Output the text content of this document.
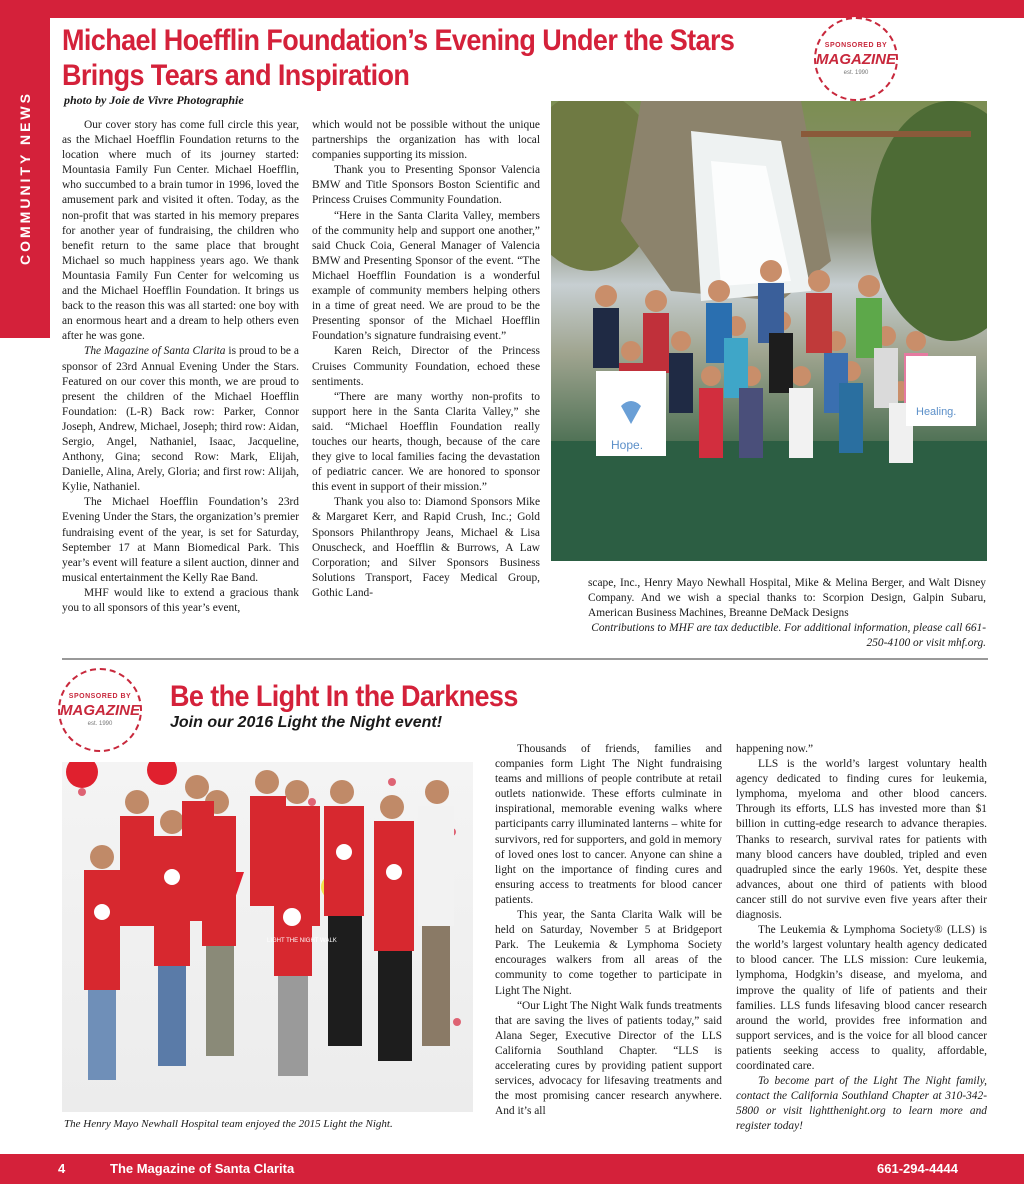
COMMUNITY NEWS
Michael Hoefflin Foundation’s Evening Under the Stars
Brings Tears and Inspiration
photo by Joie de Vivre Photographie
SPONSORED BY
MAGAZINE
est. 1990

Our cover story has come full circle this year, as the Michael Hoefflin Foundation returns to the location where much of its journey started: Mountasia Family Fun Center. Michael Hoefflin, who succumbed to a brain tumor in 1996, loved the amusement park and visited it often. Today, as the non-profit that was started in his memory prepares for another year of fundraising, the children who benefit return to the same place that brought Michael so much happiness years ago. We thank Mountasia Family Fun Center for welcoming us and the Michael Hoefflin Foundation. It brings us back to the reason this was all started: one boy with an enormous heart and a dream to help others even after he was gone.

The Magazine of Santa Clarita is proud to be a sponsor of 23rd Annual Evening Under the Stars. Featured on our cover this month, we are proud to present the children of the Michael Hoefflin Foundation: (L-R) Back row: Parker, Connor Joseph, Andrew, Michael, Joseph; third row: Aidan, Sergio, Angel, Nathaniel, Isaac, Jacqueline, Anthony, Gina; second Row: Mark, Elijah, Danielle, Alina, Arely, Gloria; and first row: Alijah, Kylie, Nathaniel.

The Michael Hoefflin Foundation’s 23rd Evening Under the Stars, the organization’s premier fundraising event of the year, is set for Saturday, September 17 at Mann Biomedical Park. This year’s event will feature a silent auction, dinner and musical entertainment the Kelly Rae Band.

MHF would like to extend a gracious thank you to all sponsors of this year’s event,

which would not be possible without the unique partnerships the organization has with local companies supporting its mission.

Thank you to Presenting Sponsor Valencia BMW and Title Sponsors Boston Scientific and Princess Cruises Community Foundation.

“Here in the Santa Clarita Valley, members of the community help and support one another,” said Chuck Coia, General Manager of Valencia BMW and Presenting Sponsor of the event. “The Michael Hoefflin Foundation is a wonderful example of community members helping others in a time of great need. We are proud to be the Presenting sponsor of the Michael Hoefflin Foundation’s signature fundraising event.”

Karen Reich, Director of the Princess Cruises Community Foundation, echoed these sentiments.

“There are many worthy non-profits to support here in the Santa Clarita Valley,” she said. “Michael Hoefflin Foundation really touches our hearts, though, because of the care they give to local families facing the devastation of pediatric cancer. We are honored to sponsor this event in support of their mission.”

Thank you also to: Diamond Sponsors Mike & Margaret Kerr, and Rapid Crush, Inc.; Gold Sponsors Philanthropy Jeans, Michael & Lisa Onuscheck, and Hoefflin & Burrows, A Law Corporation; and Silver Sponsors Business Solutions Transport, Facey Medical Group, Gothic Land-

Hope.
Healing.

scape, Inc., Henry Mayo Newhall Hospital, Mike & Melina Berger, and Walt Disney Company. And we wish a special thanks to: Scorpion Design, Galpin Subaru, American Business Machines, Breanne DeMack Designs

Contributions to MHF are tax deductible. For additional information, please call 661-250-4100 or visit mhf.org.

SPONSORED BY
MAGAZINE
est. 1990
Be the Light In the Darkness
Join our 2016 Light the Night event!
LIGHT THE NIGHT WALK
The Henry Mayo Newhall Hospital team enjoyed the 2015 Light the Night.

Thousands of friends, families and companies form Light The Night fundraising teams and millions of people contribute at retail outlets nationwide. These efforts culminate in inspirational, memorable evening walks where participants carry illuminated lanterns – white for survivors, red for supporters, and gold in memory of loved ones lost to cancer. Anyone can shine a light on the importance of finding cures and ensuring access to treatments for blood cancer patients.

This year, the Santa Clarita Walk will be held on Saturday, November 5 at Bridgeport Park. The Leukemia & Lymphoma Society encourages walkers from all areas of the community to come together to participate in Light The Night.

“Our Light The Night Walk funds treatments that are saving the lives of patients today,” said Alana Seger, Executive Director of the LLS California Southland Chapter. “LLS is accelerating cures by providing patient support services, advocacy for lifesaving treatments and the most promising cancer research anywhere. And it’s all

happening now.”

LLS is the world’s largest voluntary health agency dedicated to finding cures for leukemia, lymphoma, myeloma and other blood cancers. Through its efforts, LLS has invested more than $1 billion in cutting-edge research to advance therapies. Thanks to research, survival rates for patients with many blood cancers have doubled, tripled and even quadrupled since the early 1960s. Yet, despite these advances, about one third of patients with blood cancer still do not survive even five years after their diagnosis.

The Leukemia & Lymphoma Society® (LLS) is the world’s largest voluntary health agency dedicated to blood cancer. The LLS mission: Cure leukemia, lymphoma, Hodgkin’s disease, and myeloma, and improve the quality of life of patients and their families. LLS funds lifesaving blood cancer research around the world, provides free information and support services, and is the voice for all blood cancer patients seeking access to quality, affordable, coordinated care.

To become part of the Light The Night family, contact the California Southland Chapter at 310-342-5800 or visit lightthenight.org to learn more and register today!

4	The Magazine of Santa Clarita	661-294-4444
